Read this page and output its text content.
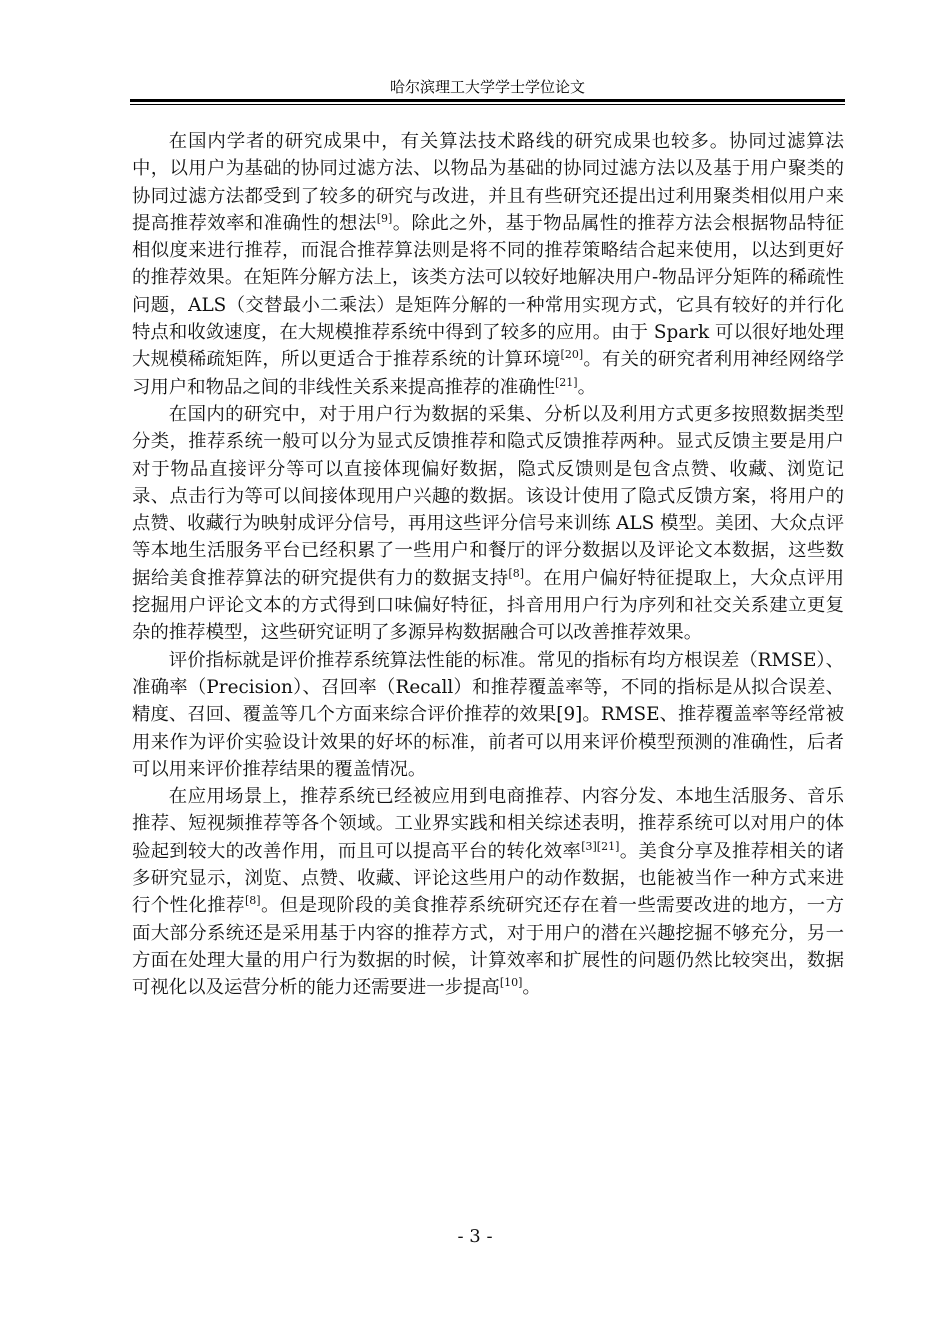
哈尔滨理工大学学士学位论文

在国内学者的研究成果中，有关算法技术路线的研究成果也较多。协同过滤算法中，以用户为基础的协同过滤方法、以物品为基础的协同过滤方法以及基于用户聚类的协同过滤方法都受到了较多的研究与改进，并且有些研究还提出过利用聚类相似用户来提高推荐效率和准确性的想法[9]。除此之外，基于物品属性的推荐方法会根据物品特征相似度来进行推荐，而混合推荐算法则是将不同的推荐策略结合起来使用，以达到更好的推荐效果。在矩阵分解方法上，该类方法可以较好地解决用户-物品评分矩阵的稀疏性问题，ALS（交替最小二乘法）是矩阵分解的一种常用实现方式，它具有较好的并行化特点和收敛速度，在大规模推荐系统中得到了较多的应用。由于 Spark 可以很好地处理大规模稀疏矩阵，所以更适合于推荐系统的计算环境[20]。有关的研究者利用神经网络学习用户和物品之间的非线性关系来提高推荐的准确性[21]。

在国内的研究中，对于用户行为数据的采集、分析以及利用方式更多按照数据类型分类，推荐系统一般可以分为显式反馈推荐和隐式反馈推荐两种。显式反馈主要是用户对于物品直接评分等可以直接体现偏好数据，隐式反馈则是包含点赞、收藏、浏览记录、点击行为等可以间接体现用户兴趣的数据。该设计使用了隐式反馈方案，将用户的点赞、收藏行为映射成评分信号，再用这些评分信号来训练 ALS 模型。美团、大众点评等本地生活服务平台已经积累了一些用户和餐厅的评分数据以及评论文本数据，这些数据给美食推荐算法的研究提供有力的数据支持[8]。在用户偏好特征提取上，大众点评用挖掘用户评论文本的方式得到口味偏好特征，抖音用用户行为序列和社交关系建立更复杂的推荐模型，这些研究证明了多源异构数据融合可以改善推荐效果。

评价指标就是评价推荐系统算法性能的标准。常见的指标有均方根误差（RMSE）、准确率（Precision）、召回率（Recall）和推荐覆盖率等，不同的指标是从拟合误差、精度、召回、覆盖等几个方面来综合评价推荐的效果[9]。RMSE、推荐覆盖率等经常被用来作为评价实验设计效果的好坏的标准，前者可以用来评价模型预测的准确性，后者可以用来评价推荐结果的覆盖情况。

在应用场景上，推荐系统已经被应用到电商推荐、内容分发、本地生活服务、音乐推荐、短视频推荐等各个领域。工业界实践和相关综述表明，推荐系统可以对用户的体验起到较大的改善作用，而且可以提高平台的转化效率[3][21]。美食分享及推荐相关的诸多研究显示，浏览、点赞、收藏、评论这些用户的动作数据，也能被当作一种方式来进行个性化推荐[8]。但是现阶段的美食推荐系统研究还存在着一些需要改进的地方，一方面大部分系统还是采用基于内容的推荐方式，对于用户的潜在兴趣挖掘不够充分，另一方面在处理大量的用户行为数据的时候，计算效率和扩展性的问题仍然比较突出，数据可视化以及运营分析的能力还需要进一步提高[10]。

- 3 -
